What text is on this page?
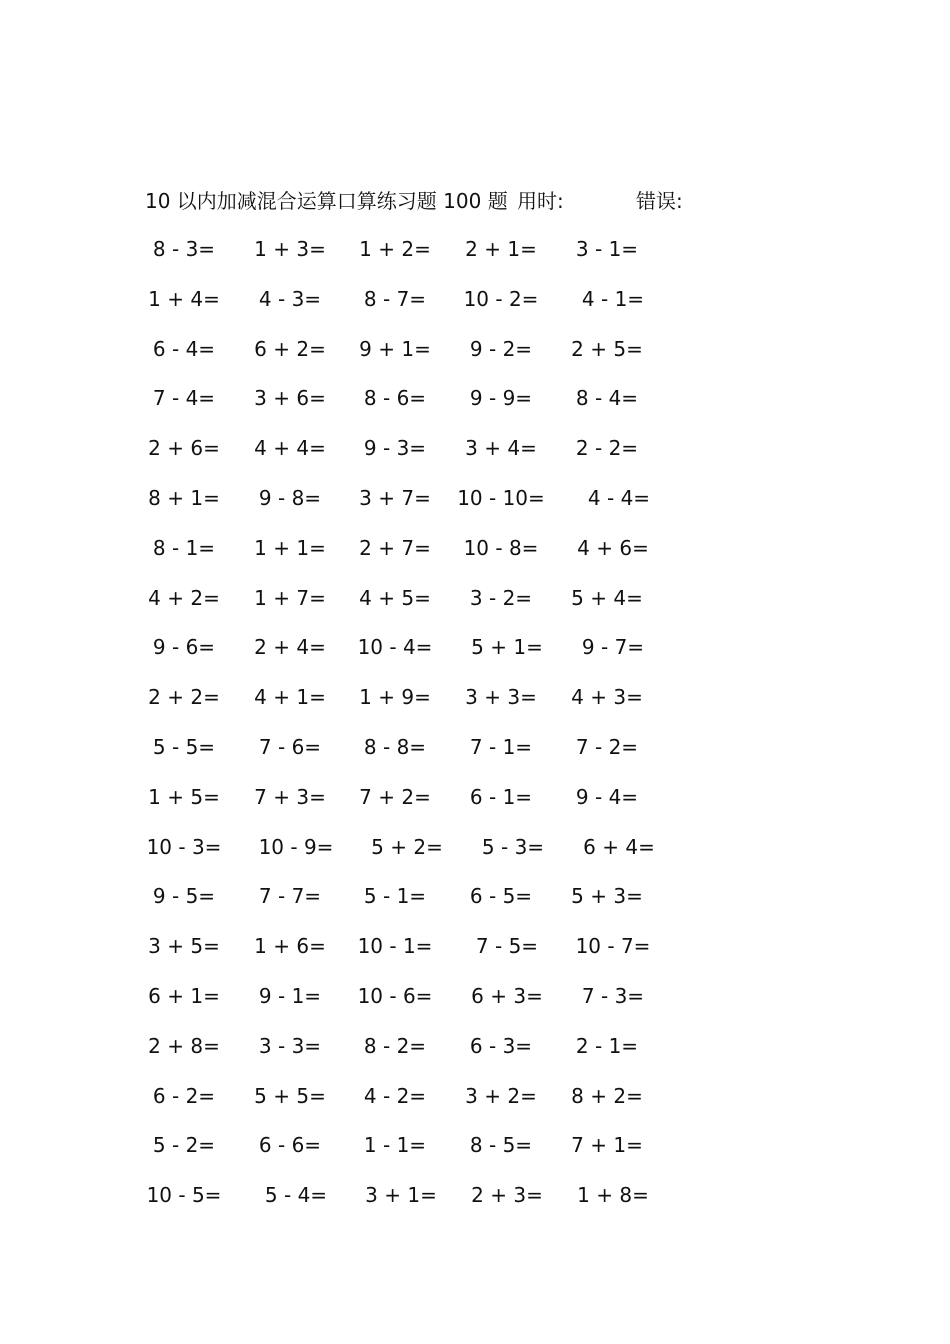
10 以内加减混合运算口算练习题 100 题 用时:	错误:
8 - 3=	1 + 3=	1 + 2=	2 + 1=	3 - 1=
1 + 4=	4 - 3=	8 - 7=	10 - 2=	4 - 1=
6 - 4=	6 + 2=	9 + 1=	9 - 2=	2 + 5=
7 - 4=	3 + 6=	8 - 6=	9 - 9=	8 - 4=
2 + 6=	4 + 4=	9 - 3=	3 + 4=	2 - 2=
8 + 1=	9 - 8=	3 + 7=	10 - 10=	4 - 4=
8 - 1=	1 + 1=	2 + 7=	10 - 8=	4 + 6=
4 + 2=	1 + 7=	4 + 5=	3 - 2=	5 + 4=
9 - 6=	2 + 4=	10 - 4=	5 + 1=	9 - 7=
2 + 2=	4 + 1=	1 + 9=	3 + 3=	4 + 3=
5 - 5=	7 - 6=	8 - 8=	7 - 1=	7 - 2=
1 + 5=	7 + 3=	7 + 2=	6 - 1=	9 - 4=
10 - 3=	10 - 9=	5 + 2=	5 - 3=	6 + 4=
9 - 5=	7 - 7=	5 - 1=	6 - 5=	5 + 3=
3 + 5=	1 + 6=	10 - 1=	7 - 5=	10 - 7=
6 + 1=	9 - 1=	10 - 6=	6 + 3=	7 - 3=
2 + 8=	3 - 3=	8 - 2=	6 - 3=	2 - 1=
6 - 2=	5 + 5=	4 - 2=	3 + 2=	8 + 2=
5 - 2=	6 - 6=	1 - 1=	8 - 5=	7 + 1=
10 - 5=	5 - 4=	3 + 1=	2 + 3=	1 + 8=
